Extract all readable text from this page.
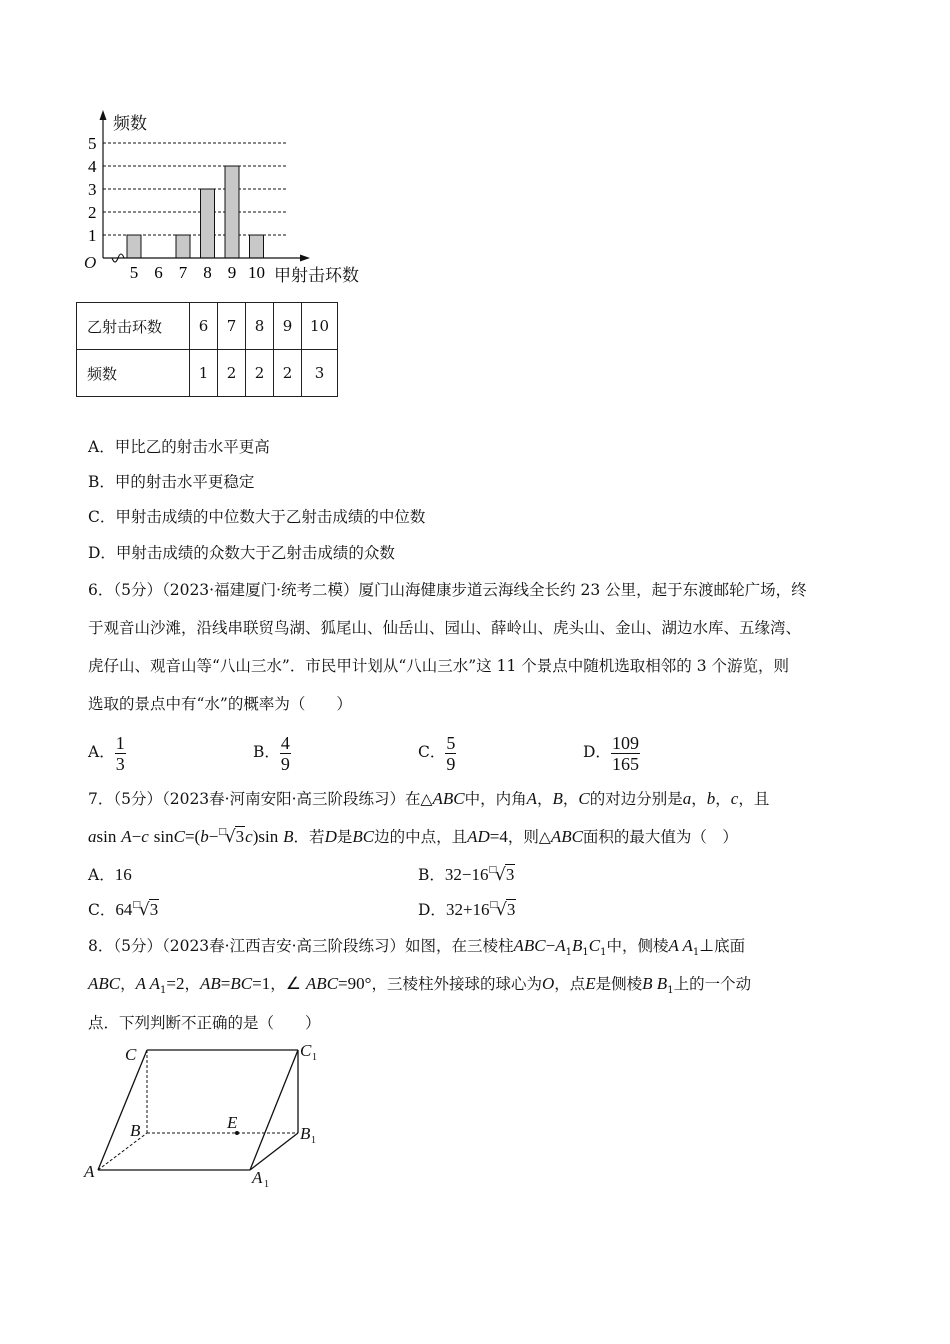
1
2
3
4
5
5 6 7 8 9 10
频数
O
甲射击环数
乙射击环数	6	7	8	9	10
频数	1	2	2	2	3
A．甲比乙的射击水平更高
B．甲的射击水平更稳定
C．甲射击成绩的中位数大于乙射击成绩的中位数
D．甲射击成绩的众数大于乙射击成绩的众数
6．（5分）（2023·福建厦门·统考二模）厦门山海健康步道云海线全长约 23 公里，起于东渡邮轮广场，终
于观音山沙滩，沿线串联贸鸟湖、狐尾山、仙岳山、园山、薛岭山、虎头山、金山、湖边水库、五缘湾、
虎仔山、观音山等“八山三水”．市民甲计划从“八山三水”这 11 个景点中随机选取相邻的 3 个游览，则
选取的景点中有“水”的概率为（　　）
A． $\frac{1}{3}$	B． $\frac{4}{9}$	C． $\frac{5}{9}$	D． $\frac{109}{165}$
7．（5分）（2023春·河南安阳·高三阶段练习）在△ABC中，内角A，B，C的对边分别是a，b，c，且
asin A−c sinC=(b−□√3c)sin B．若D是BC边的中点，且AD=4，则△ABC面积的最大值为（　）
A．16	B．32−16□√3
C．64□√3	D．32+16□√3
8．（5分）（2023春·江西吉安·高三阶段练习）如图，在三棱柱$ABC-A_1B_1C_1$中，侧棱A $A_1\perp$底面
ABC，A $A_1=2$，AB=BC=1，∠ ABC=90°，三棱柱外接球的球心为O，点E是侧棱B $B_1$上的一个动
点．下列判断不正确的是（　　）
C	C
B	E
B
A	A
1
1
1
